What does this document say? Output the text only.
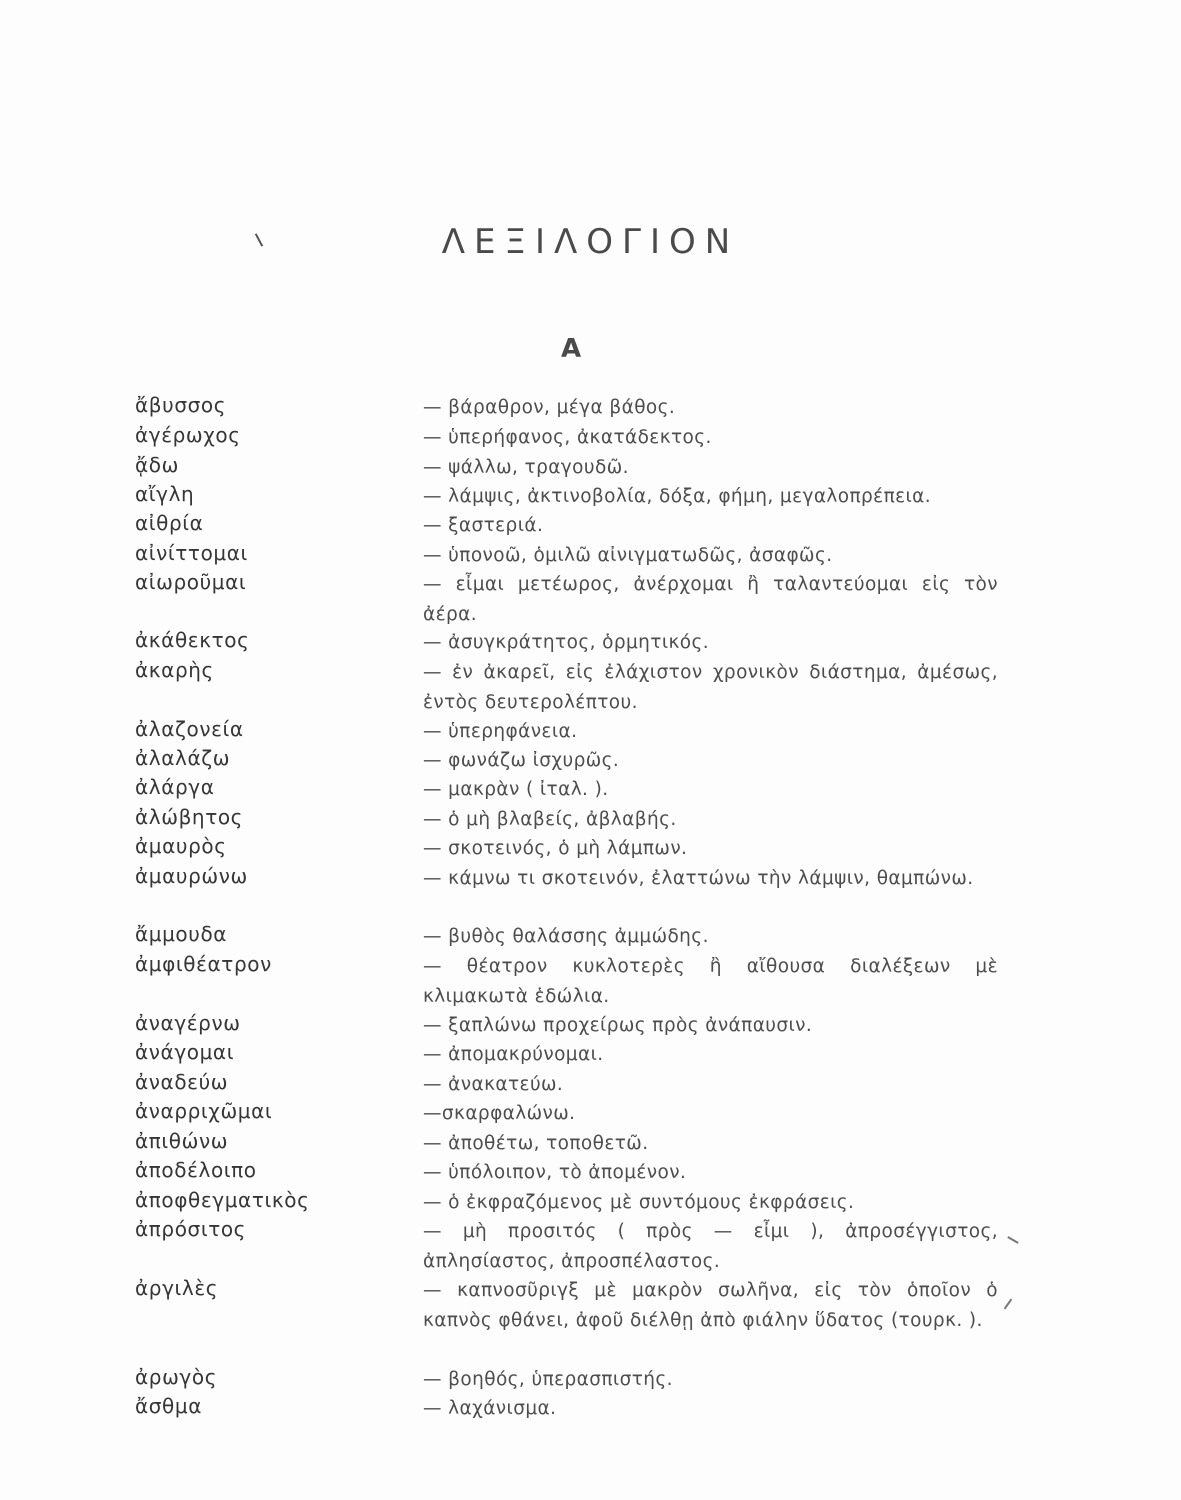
ΛΕΞΙΛΟΓΙΟΝ
Α
ἄβυσσος	— βάραθρον, μέγα βάθος.
ἀγέρωχος	— ὑπερήφανος, ἀκατάδεκτος.
ᾄδω	— ψάλλω, τραγουδῶ.
αἴγλη	— λάμψις, ἀκτινοβολία, δόξα, φήμη, μεγαλοπρέπεια.
αἰθρία	— ξαστεριά.
αἰνίττομαι	— ὑπονοῶ, ὁμιλῶ αἰνιγματωδῶς, ἀσαφῶς.
αἰωροῦμαι	— εἶμαι μετέωρος, ἀνέρχομαι ἢ ταλαντεύομαι εἰς τὸν ἀέρα.
ἀκάθεκτος	— ἀσυγκράτητος, ὁρμητικός.
ἀκαρὴς	— ἐν ἀκαρεῖ, εἰς ἐλάχιστον χρονικὸν διάστημα, ἀμέσως, ἐντὸς δευτερολέπτου.
ἀλαζονεία	— ὑπερηφάνεια.
ἀλαλάζω	— φωνάζω ἰσχυρῶς.
ἀλάργα	— μακρὰν ( ἰταλ. ).
ἀλώβητος	— ὁ μὴ βλαβείς, ἀβλαβής.
ἀμαυρὸς	— σκοτεινός, ὁ μὴ λάμπων.
ἀμαυρώνω	— κάμνω τι σκοτεινόν, ἐλαττώνω τὴν λάμψιν, θαμπώνω.
ἄμμουδα	— βυθὸς θαλάσσης ἀμμώδης.
ἀμφιθέατρον	— θέατρον κυκλοτερὲς ἢ αἴθουσα διαλέξεων μὲ κλιμακωτὰ ἑδώλια.
ἀναγέρνω	— ξαπλώνω προχείρως πρὸς ἀνάπαυσιν.
ἀνάγομαι	— ἀπομακρύνομαι.
ἀναδεύω	— ἀνακατεύω.
ἀναρριχῶμαι	—σκαρφαλώνω.
ἀπιθώνω	— ἀποθέτω, τοποθετῶ.
ἀποδέλοιπο	— ὑπόλοιπον, τὸ ἀπομένον.
ἀποφθεγματικὸς	— ὁ ἐκφραζόμενος μὲ συντόμους ἐκφράσεις.
ἀπρόσιτος	— μὴ προσιτός ( πρὸς — εἶμι ), ἀπροσέγγιστος, ἀπλησίαστος, ἀπροσπέλαστος.
ἀργιλὲς	— καπνοσῦριγξ μὲ μακρὸν σωλῆνα, εἰς τὸν ὁποῖον ὁ καπνὸς φθάνει, ἀφοῦ διέλθῃ ἀπὸ φιάλην ὕδατος (τουρκ. ).
ἀρωγὸς	— βοηθός, ὑπερασπιστής.
ἄσθμα	— λαχάνισμα.
